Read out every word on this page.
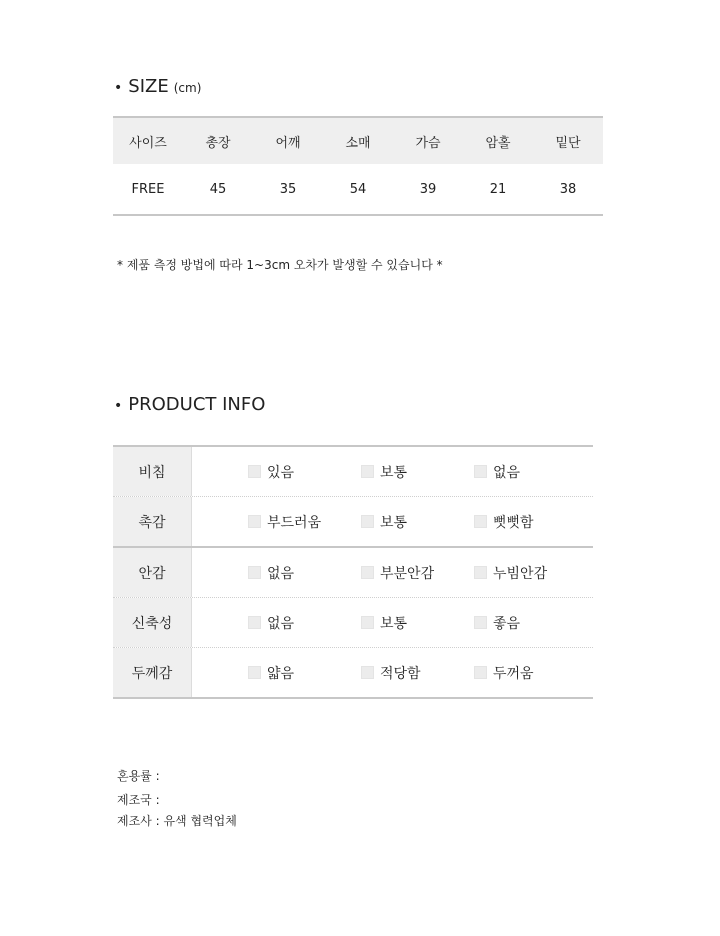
• SIZE (cm)
사이즈	총장	어깨	소매	가슴	암홀	밑단
FREE	45	35	54	39	21	38
* 제품 측정 방법에 따라 1~3cm 오차가 발생할 수 있습니다 *
• PRODUCT INFO
비침	있음	보통	없음
촉감	부드러움	보통	뻣뻣함
안감	없음	부분안감	누빔안감
신축성	없음	보통	좋음
두께감	얇음	적당함	두꺼움
혼용률 :
제조국 :
제조사 : 유색 협력업체
